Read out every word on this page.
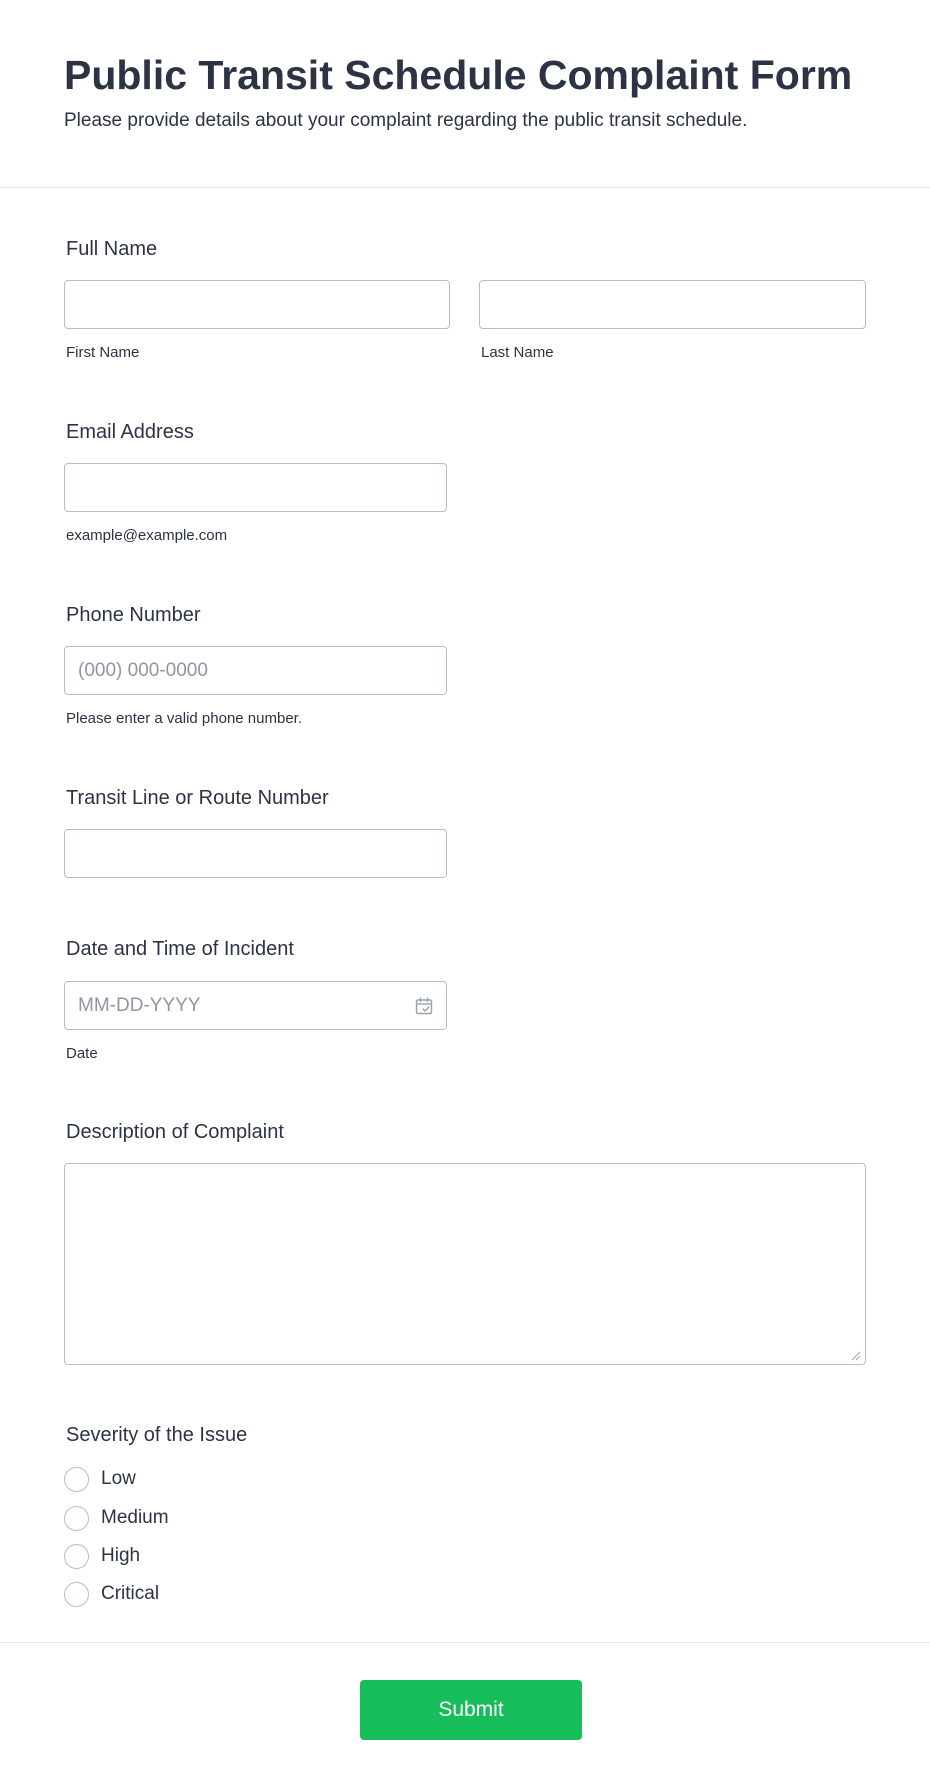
Public Transit Schedule Complaint Form

Please provide details about your complaint regarding the public transit schedule.

Full Name
First Name	Last Name
Email Address
example@example.com
Phone Number
(000) 000-0000
Please enter a valid phone number.
Transit Line or Route Number
Date and Time of Incident
MM-DD-YYYY
Date
Description of Complaint
Severity of the Issue
Low
Medium
High
Critical
Submit
